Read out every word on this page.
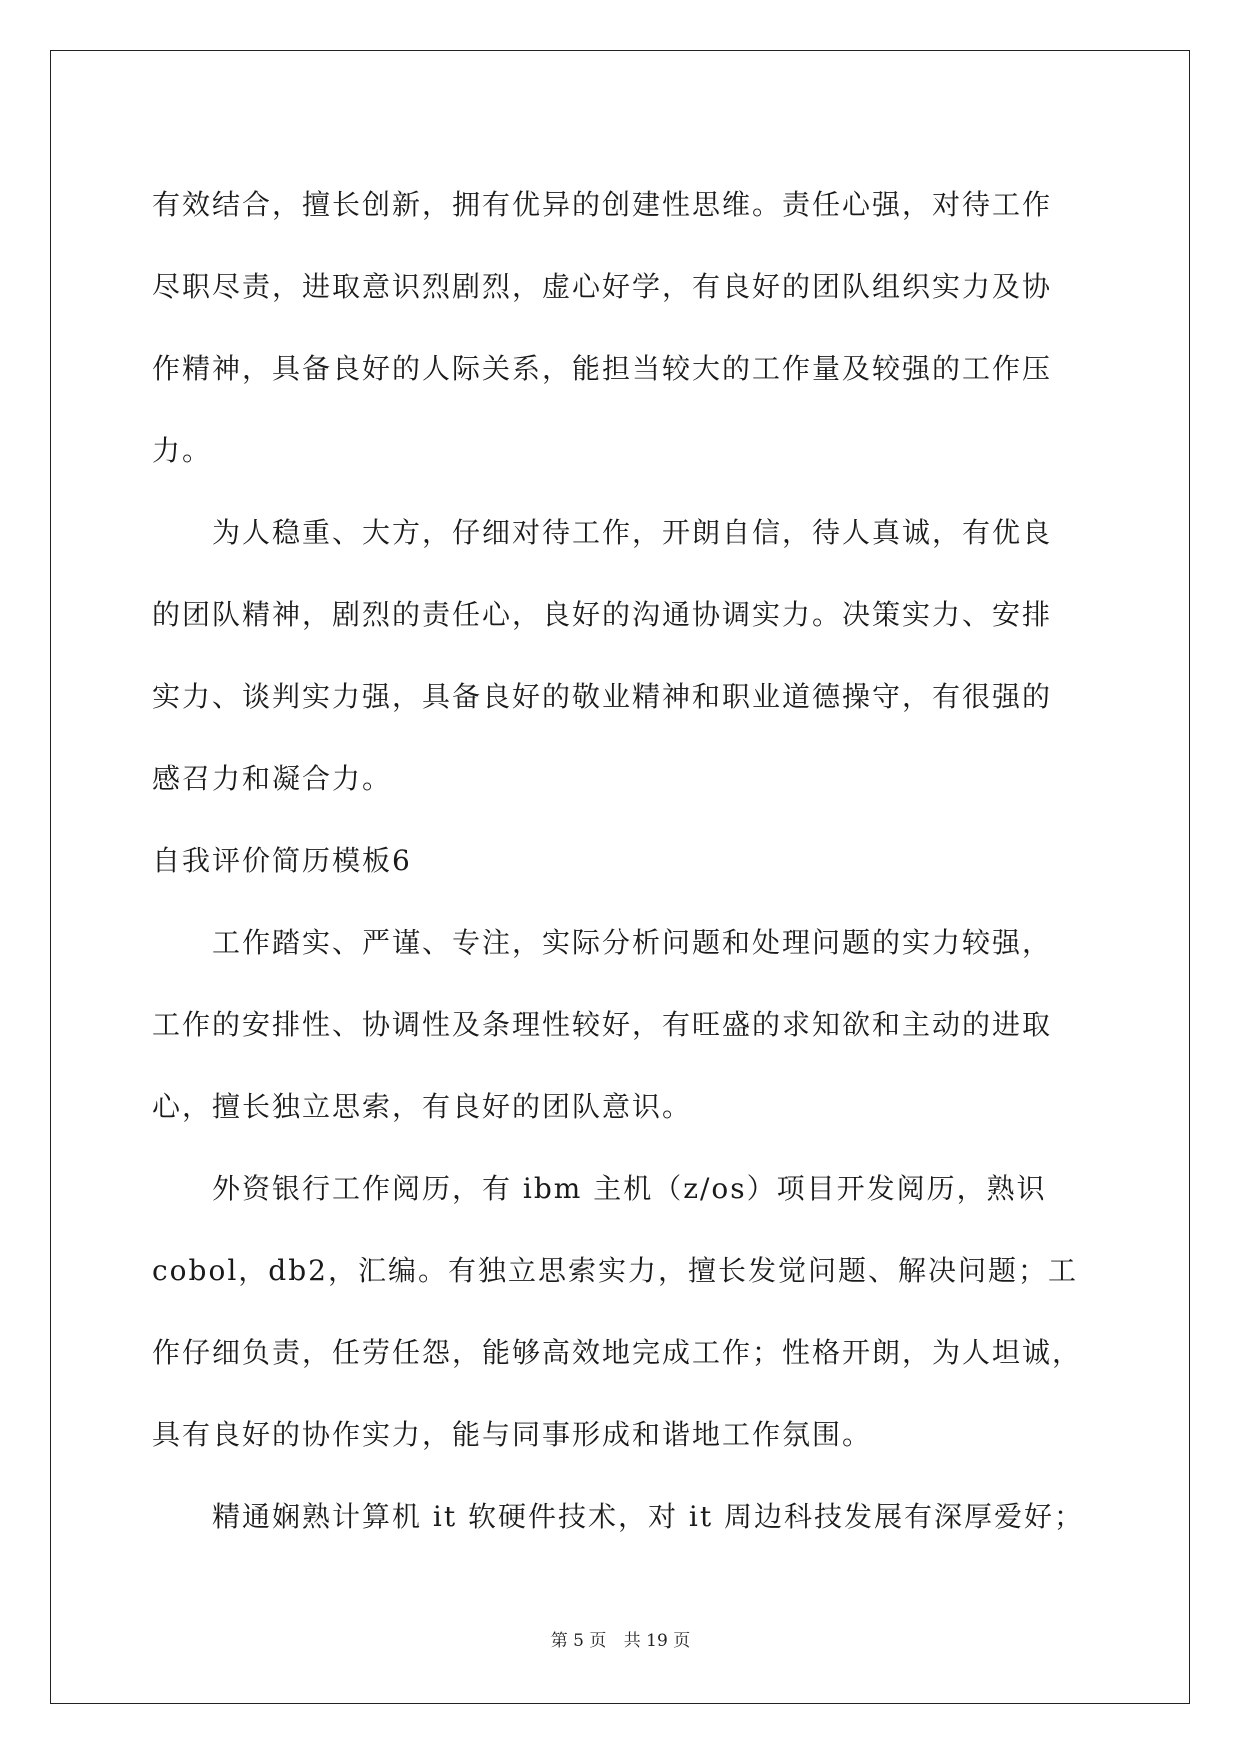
有效结合，擅长创新，拥有优异的创建性思维。责任心强，对待工作
尽职尽责，进取意识烈剧烈，虚心好学，有良好的团队组织实力及协
作精神，具备良好的人际关系，能担当较大的工作量及较强的工作压
力。

为人稳重、大方，仔细对待工作，开朗自信，待人真诚，有优良
的团队精神，剧烈的责任心，良好的沟通协调实力。决策实力、安排
实力、谈判实力强，具备良好的敬业精神和职业道德操守，有很强的
感召力和凝合力。

自我评价简历模板6

工作踏实、严谨、专注，实际分析问题和处理问题的实力较强，
工作的安排性、协调性及条理性较好，有旺盛的求知欲和主动的进取
心，擅长独立思索，有良好的团队意识。

外资银行工作阅历，有 ibm 主机（z/os）项目开发阅历，熟识
cobol，db2，汇编。有独立思索实力，擅长发觉问题、解决问题；工
作仔细负责，任劳任怨，能够高效地完成工作；性格开朗，为人坦诚，
具有良好的协作实力，能与同事形成和谐地工作氛围。

精通娴熟计算机 it 软硬件技术，对 it 周边科技发展有深厚爱好；

第 5 页 共 19 页
